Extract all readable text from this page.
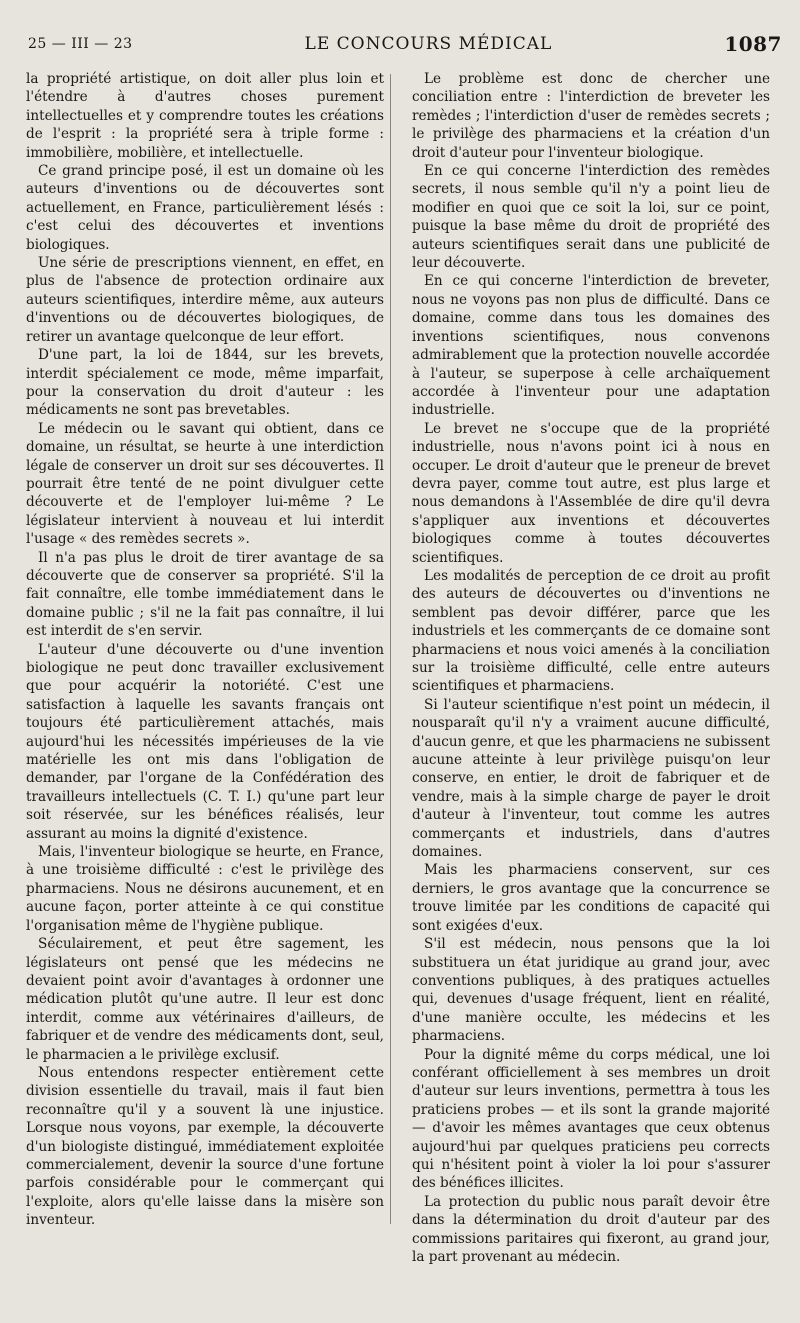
25 — III — 23	LE CONCOURS MÉDICAL	1087

la propriété artistique, on doit aller plus loin et l'étendre à d'autres choses purement intellectuelles et y comprendre toutes les créations de l'esprit : la propriété sera à triple forme : immobilière, mobilière, et intellectuelle.

Ce grand principe posé, il est un domaine où les auteurs d'inventions ou de découvertes sont actuellement, en France, particulièrement lésés : c'est celui des découvertes et inventions biologiques.

Une série de prescriptions viennent, en effet, en plus de l'absence de protection ordinaire aux auteurs scientifiques, interdire même, aux auteurs d'inventions ou de découvertes biologiques, de retirer un avantage quelconque de leur effort.

D'une part, la loi de 1844, sur les brevets, interdit spécialement ce mode, même imparfait, pour la conservation du droit d'auteur : les médicaments ne sont pas brevetables.

Le médecin ou le savant qui obtient, dans ce domaine, un résultat, se heurte à une interdiction légale de conserver un droit sur ses découvertes. Il pourrait être tenté de ne point divulguer cette découverte et de l'employer lui-même ? Le législateur intervient à nouveau et lui interdit l'usage « des remèdes secrets ».

Il n'a pas plus le droit de tirer avantage de sa découverte que de conserver sa propriété. S'il la fait connaître, elle tombe immédiatement dans le domaine public ; s'il ne la fait pas connaître, il lui est interdit de s'en servir.

L'auteur d'une découverte ou d'une invention biologique ne peut donc travailler exclusivement que pour acquérir la notoriété. C'est une satisfaction à laquelle les savants français ont toujours été particulièrement attachés, mais aujourd'hui les nécessités impérieuses de la vie matérielle les ont mis dans l'obligation de demander, par l'organe de la Confédération des travailleurs intellectuels (C. T. I.) qu'une part leur soit réservée, sur les bénéfices réalisés, leur assurant au moins la dignité d'existence.

Mais, l'inventeur biologique se heurte, en France, à une troisième difficulté : c'est le privilège des pharmaciens. Nous ne désirons aucunement, et en aucune façon, porter atteinte à ce qui constitue l'organisation même de l'hygiène publique.

Séculairement, et peut être sagement, les législateurs ont pensé que les médecins ne devaient point avoir d'avantages à ordonner une médication plutôt qu'une autre. Il leur est donc interdit, comme aux vétérinaires d'ailleurs, de fabriquer et de vendre des médicaments dont, seul, le pharmacien a le privilège exclusif.

Nous entendons respecter entièrement cette division essentielle du travail, mais il faut bien reconnaître qu'il y a souvent là une injustice. Lorsque nous voyons, par exemple, la découverte d'un biologiste distingué, immédiatement exploitée commercialement, devenir la source d'une fortune parfois considérable pour le commerçant qui l'exploite, alors qu'elle laisse dans la misère son inventeur.

Le problème est donc de chercher une conciliation entre : l'interdiction de breveter les remèdes ; l'interdiction d'user de remèdes secrets ; le privilège des pharmaciens et la création d'un droit d'auteur pour l'inventeur biologique.

En ce qui concerne l'interdiction des remèdes secrets, il nous semble qu'il n'y a point lieu de modifier en quoi que ce soit la loi, sur ce point, puisque la base même du droit de propriété des auteurs scientifiques serait dans une publicité de leur découverte.

En ce qui concerne l'interdiction de breveter, nous ne voyons pas non plus de difficulté. Dans ce domaine, comme dans tous les domaines des inventions scientifiques, nous convenons admirablement que la protection nouvelle accordée à l'auteur, se superpose à celle archaïquement accordée à l'inventeur pour une adaptation industrielle.

Le brevet ne s'occupe que de la propriété industrielle, nous n'avons point ici à nous en occuper. Le droit d'auteur que le preneur de brevet devra payer, comme tout autre, est plus large et nous demandons à l'Assemblée de dire qu'il devra s'appliquer aux inventions et découvertes biologiques comme à toutes découvertes scientifiques.

Les modalités de perception de ce droit au profit des auteurs de découvertes ou d'inventions ne semblent pas devoir différer, parce que les industriels et les commerçants de ce domaine sont pharmaciens et nous voici amenés à la conciliation sur la troisième difficulté, celle entre auteurs scientifiques et pharmaciens.

Si l'auteur scientifique n'est point un médecin, il nousparaît qu'il n'y a vraiment aucune difficulté, d'aucun genre, et que les pharmaciens ne subissent aucune atteinte à leur privilège puisqu'on leur conserve, en entier, le droit de fabriquer et de vendre, mais à la simple charge de payer le droit d'auteur à l'inventeur, tout comme les autres commerçants et industriels, dans d'autres domaines.

Mais les pharmaciens conservent, sur ces derniers, le gros avantage que la concurrence se trouve limitée par les conditions de capacité qui sont exigées d'eux.

S'il est médecin, nous pensons que la loi substituera un état juridique au grand jour, avec conventions publiques, à des pratiques actuelles qui, devenues d'usage fréquent, lient en réalité, d'une manière occulte, les médecins et les pharmaciens.

Pour la dignité même du corps médical, une loi conférant officiellement à ses membres un droit d'auteur sur leurs inventions, permettra à tous les praticiens probes — et ils sont la grande majorité — d'avoir les mêmes avantages que ceux obtenus aujourd'hui par quelques praticiens peu corrects qui n'hésitent point à violer la loi pour s'assurer des bénéfices illicites.

La protection du public nous paraît devoir être dans la détermination du droit d'auteur par des commissions paritaires qui fixeront, au grand jour, la part provenant au médecin.
